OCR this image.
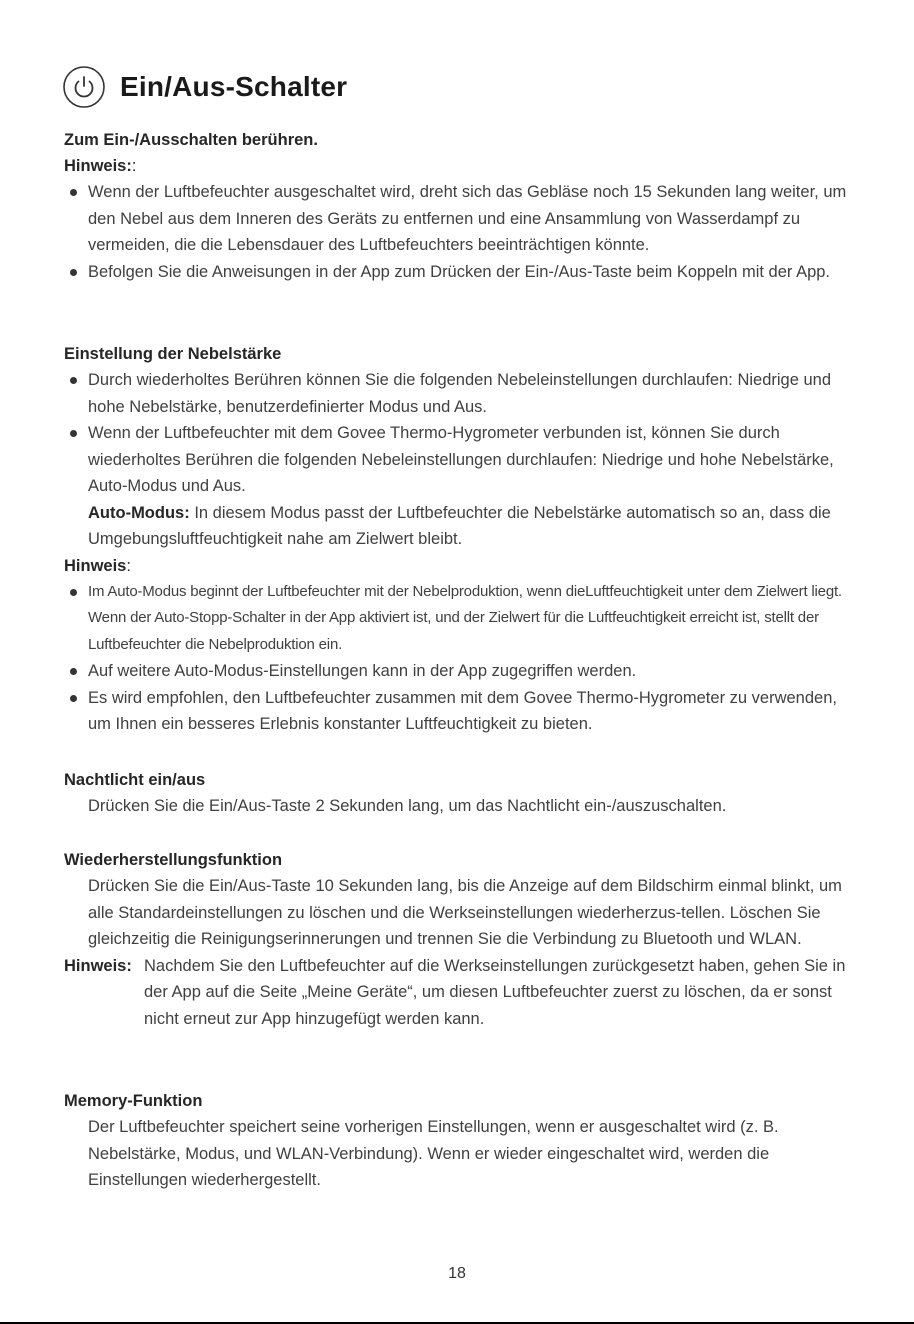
Ein/Aus-Schalter
Zum Ein-/Ausschalten berühren.
Hinweis::
Wenn der Luftbefeuchter ausgeschaltet wird, dreht sich das Gebläse noch 15 Sekunden lang weiter, um den Nebel aus dem Inneren des Geräts zu entfernen und eine Ansammlung von Wasserdampf zu vermeiden, die die Lebensdauer des Luftbefeuchters beeinträchtigen könnte.
Befolgen Sie die Anweisungen in der App zum Drücken der Ein-/Aus-Taste beim Koppeln mit der App.
Einstellung der Nebelstärke
Durch wiederholtes Berühren können Sie die folgenden Nebeleinstellungen durchlaufen: Niedrige und hohe Nebelstärke, benutzerdefinierter Modus und Aus.
Wenn der Luftbefeuchter mit dem Govee Thermo-Hygrometer verbunden ist, können Sie durch wiederholtes Berühren die folgenden Nebeleinstellungen durchlaufen: Niedrige und hohe Nebelstärke, Auto-Modus und Aus.
Auto-Modus: In diesem Modus passt der Luftbefeuchter die Nebelstärke automatisch so an, dass die Umgebungsluftfeuchtigkeit nahe am Zielwert bleibt.
Hinweis:
Im Auto-Modus beginnt der Luftbefeuchter mit der Nebelproduktion, wenn dieLuftfeuchtigkeit unter dem Zielwert liegt. Wenn der Auto-Stopp-Schalter in der App aktiviert ist, und der Zielwert für die Luftfeuchtigkeit erreicht ist, stellt der Luftbefeuchter die Nebelproduktion ein.
Auf weitere Auto-Modus-Einstellungen kann in der App zugegriffen werden.
Es wird empfohlen, den Luftbefeuchter zusammen mit dem Govee Thermo-Hygrometer zu verwenden, um Ihnen ein besseres Erlebnis konstanter Luftfeuchtigkeit zu bieten.
Nachtlicht ein/aus
Drücken Sie die Ein/Aus-Taste 2 Sekunden lang, um das Nachtlicht ein-/auszuschalten.
Wiederherstellungsfunktion
Drücken Sie die Ein/Aus-Taste 10 Sekunden lang, bis die Anzeige auf dem Bildschirm einmal blinkt, um alle Standardeinstellungen zu löschen und die Werkseinstellungen wiederherzus-tellen. Löschen Sie gleichzeitig die Reinigungserinnerungen und trennen Sie die Verbindung zu Bluetooth und WLAN.
Hinweis: Nachdem Sie den Luftbefeuchter auf die Werkseinstellungen zurückgesetzt haben, gehen Sie in der App auf die Seite „Meine Geräte“, um diesen Luftbefeuchter zuerst zu löschen, da er sonst nicht erneut zur App hinzugefügt werden kann.
Memory-Funktion
Der Luftbefeuchter speichert seine vorherigen Einstellungen, wenn er ausgeschaltet wird (z. B. Nebelstärke, Modus, und WLAN-Verbindung). Wenn er wieder eingeschaltet wird, werden die Einstellungen wiederhergestellt.
18
